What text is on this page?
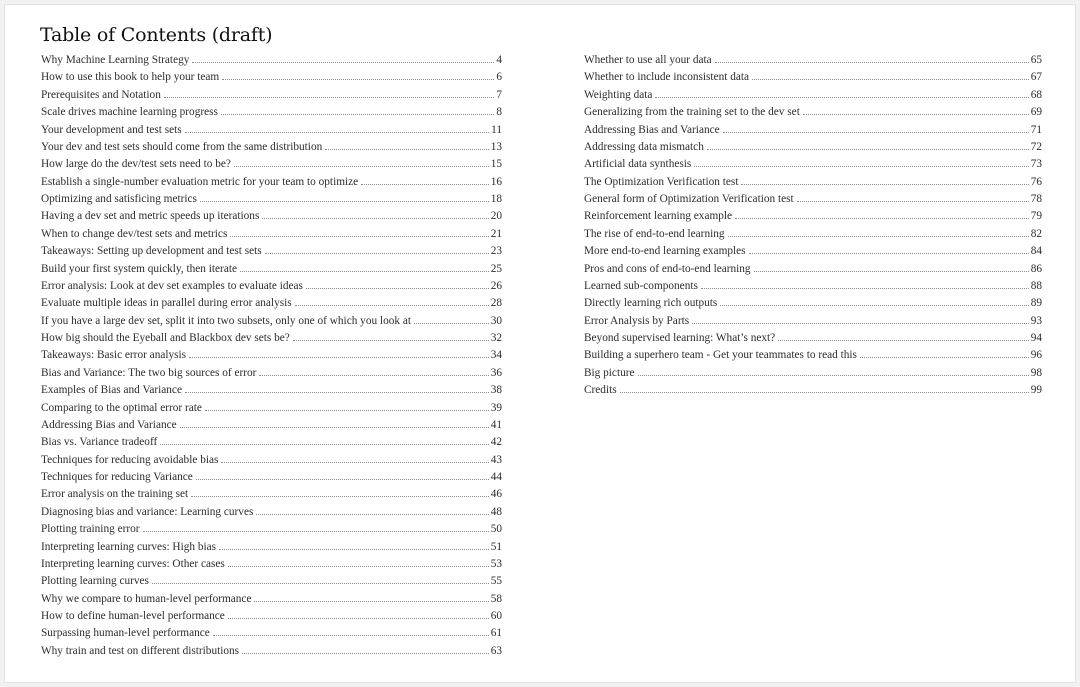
Table of Contents (draft)
Why Machine Learning Strategy	4
How to use this book to help your team	6
Prerequisites and Notation	7
Scale drives machine learning progress	8
Your development and test sets	11
Your dev and test sets should come from the same distribution	13
How large do the dev/test sets need to be?	15
Establish a single-number evaluation metric for your team to optimize	16
Optimizing and satisficing metrics	18
Having a dev set and metric speeds up iterations	20
When to change dev/test sets and metrics	21
Takeaways: Setting up development and test sets	23
Build your first system quickly, then iterate	25
Error analysis: Look at dev set examples to evaluate ideas	26
Evaluate multiple ideas in parallel during error analysis	28
If you have a large dev set, split it into two subsets, only one of which you look at	30
How big should the Eyeball and Blackbox dev sets be?	32
Takeaways: Basic error analysis	34
Bias and Variance: The two big sources of error	36
Examples of Bias and Variance	38
Comparing to the optimal error rate	39
Addressing Bias and Variance	41
Bias vs. Variance tradeoff	42
Techniques for reducing avoidable bias	43
Techniques for reducing Variance	44
Error analysis on the training set	46
Diagnosing bias and variance: Learning curves	48
Plotting training error	50
Interpreting learning curves: High bias	51
Interpreting learning curves: Other cases	53
Plotting learning curves	55
Why we compare to human-level performance	58
How to define human-level performance	60
Surpassing human-level performance	61
Why train and test on different distributions	63
Whether to use all your data	65
Whether to include inconsistent data	67
Weighting data	68
Generalizing from the training set to the dev set	69
Addressing Bias and Variance	71
Addressing data mismatch	72
Artificial data synthesis	73
The Optimization Verification test	76
General form of Optimization Verification test	78
Reinforcement learning example	79
The rise of end-to-end learning	82
More end-to-end learning examples	84
Pros and cons of end-to-end learning	86
Learned sub-components	88
Directly learning rich outputs	89
Error Analysis by Parts	93
Beyond supervised learning: What’s next?	94
Building a superhero team - Get your teammates to read this	96
Big picture	98
Credits	99
